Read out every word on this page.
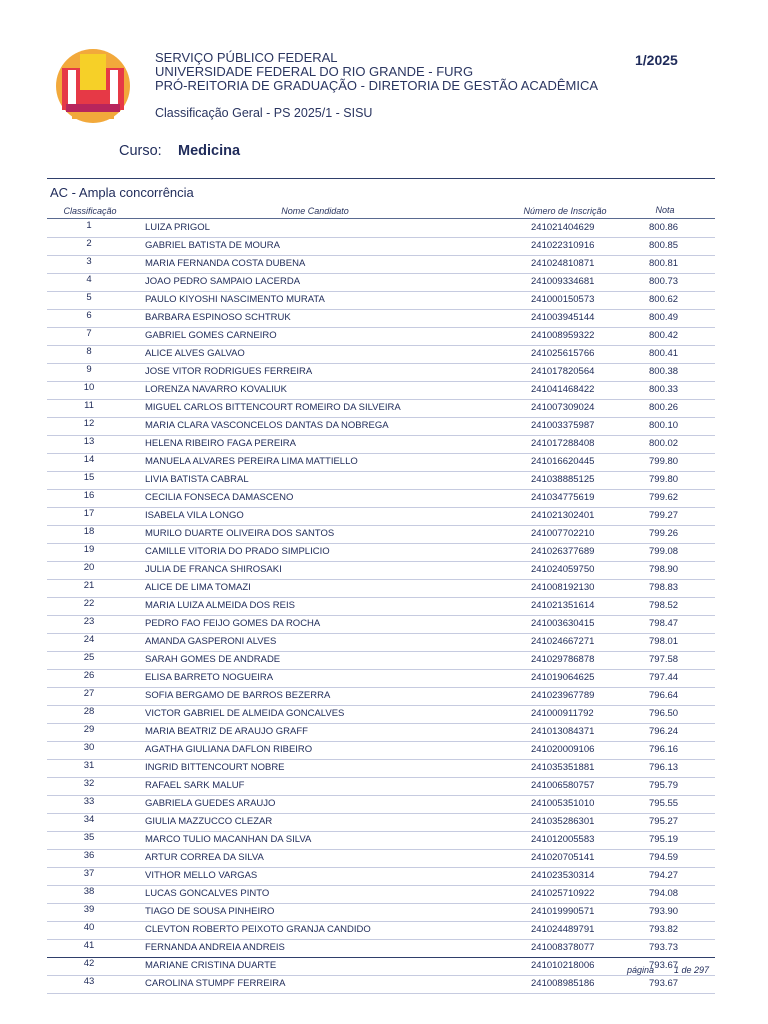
SERVIÇO PÚBLICO FEDERAL
UNIVERSIDADE FEDERAL DO RIO GRANDE - FURG
PRÓ-REITORIA DE GRADUAÇÃO - DIRETORIA DE GESTÃO ACADÊMICA
Classificação Geral - PS 2025/1 - SISU
1/2025
Curso: Medicina
AC - Ampla concorrência
Classificação	Nome Candidato	Número de Inscrição	Nota
1	LUIZA PRIGOL	241021404629	800.86
2	GABRIEL BATISTA DE MOURA	241022310916	800.85
3	MARIA FERNANDA COSTA DUBENA	241024810871	800.81
4	JOAO PEDRO SAMPAIO LACERDA	241009334681	800.73
5	PAULO KIYOSHI NASCIMENTO MURATA	241000150573	800.62
6	BARBARA ESPINOSO SCHTRUK	241003945144	800.49
7	GABRIEL GOMES CARNEIRO	241008959322	800.42
8	ALICE ALVES GALVAO	241025615766	800.41
9	JOSE VITOR RODRIGUES FERREIRA	241017820564	800.38
10	LORENZA NAVARRO KOVALIUK	241041468422	800.33
11	MIGUEL CARLOS BITTENCOURT ROMEIRO DA SILVEIRA	241007309024	800.26
12	MARIA CLARA VASCONCELOS DANTAS DA NOBREGA	241003375987	800.10
13	HELENA RIBEIRO FAGA PEREIRA	241017288408	800.02
14	MANUELA ALVARES PEREIRA LIMA MATTIELLO	241016620445	799.80
15	LIVIA BATISTA CABRAL	241038885125	799.80
16	CECILIA FONSECA DAMASCENO	241034775619	799.62
17	ISABELA VILA LONGO	241021302401	799.27
18	MURILO DUARTE OLIVEIRA DOS SANTOS	241007702210	799.26
19	CAMILLE VITORIA DO PRADO SIMPLICIO	241026377689	799.08
20	JULIA DE FRANCA SHIROSAKI	241024059750	798.90
21	ALICE DE LIMA TOMAZI	241008192130	798.83
22	MARIA LUIZA ALMEIDA DOS REIS	241021351614	798.52
23	PEDRO FAO FEIJO GOMES DA ROCHA	241003630415	798.47
24	AMANDA GASPERONI ALVES	241024667271	798.01
25	SARAH GOMES DE ANDRADE	241029786878	797.58
26	ELISA BARRETO NOGUEIRA	241019064625	797.44
27	SOFIA BERGAMO DE BARROS BEZERRA	241023967789	796.64
28	VICTOR GABRIEL DE ALMEIDA GONCALVES	241000911792	796.50
29	MARIA BEATRIZ DE ARAUJO GRAFF	241013084371	796.24
30	AGATHA GIULIANA DAFLON RIBEIRO	241020009106	796.16
31	INGRID BITTENCOURT NOBRE	241035351881	796.13
32	RAFAEL SARK MALUF	241006580757	795.79
33	GABRIELA GUEDES ARAUJO	241005351010	795.55
34	GIULIA MAZZUCCO CLEZAR	241035286301	795.27
35	MARCO TULIO MACANHAN DA SILVA	241012005583	795.19
36	ARTUR CORREA DA SILVA	241020705141	794.59
37	VITHOR MELLO VARGAS	241023530314	794.27
38	LUCAS GONCALVES PINTO	241025710922	794.08
39	TIAGO DE SOUSA PINHEIRO	241019990571	793.90
40	CLEVTON ROBERTO PEIXOTO GRANJA CANDIDO	241024489791	793.82
41	FERNANDA ANDREIA ANDREIS	241008378077	793.73
42	MARIANE CRISTINA DUARTE	241010218006	793.67
43	CAROLINA STUMPF FERREIRA	241008985186	793.67
página 1 de 297
